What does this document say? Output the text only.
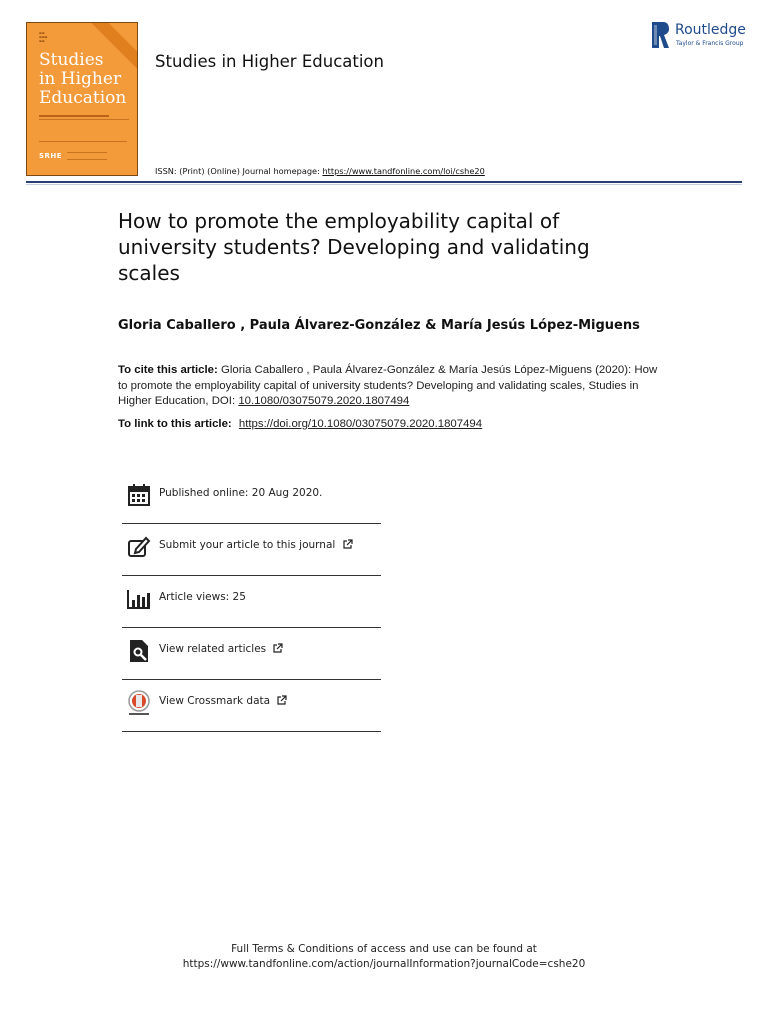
▬▬
▬▬▬
▬▬
Studies
in Higher
Education
SRHE
Studies in Higher Education
ISSN: (Print) (Online) Journal homepage: https://www.tandfonline.com/loi/cshe20
Routledge
Taylor & Francis Group
How to promote the employability capital of university students? Developing and validating scales
Gloria Caballero , Paula Álvarez-González & María Jesús López-Miguens
To cite this article: Gloria Caballero , Paula Álvarez-González & María Jesús López-Miguens (2020): How to promote the employability capital of university students? Developing and validating scales, Studies in Higher Education, DOI: 10.1080/03075079.2020.1807494
To link to this article: https://doi.org/10.1080/03075079.2020.1807494
Published online: 20 Aug 2020.
Submit your article to this journal
Article views: 25
View related articles
View Crossmark data
Full Terms & Conditions of access and use can be found at
https://www.tandfonline.com/action/journalInformation?journalCode=cshe20
